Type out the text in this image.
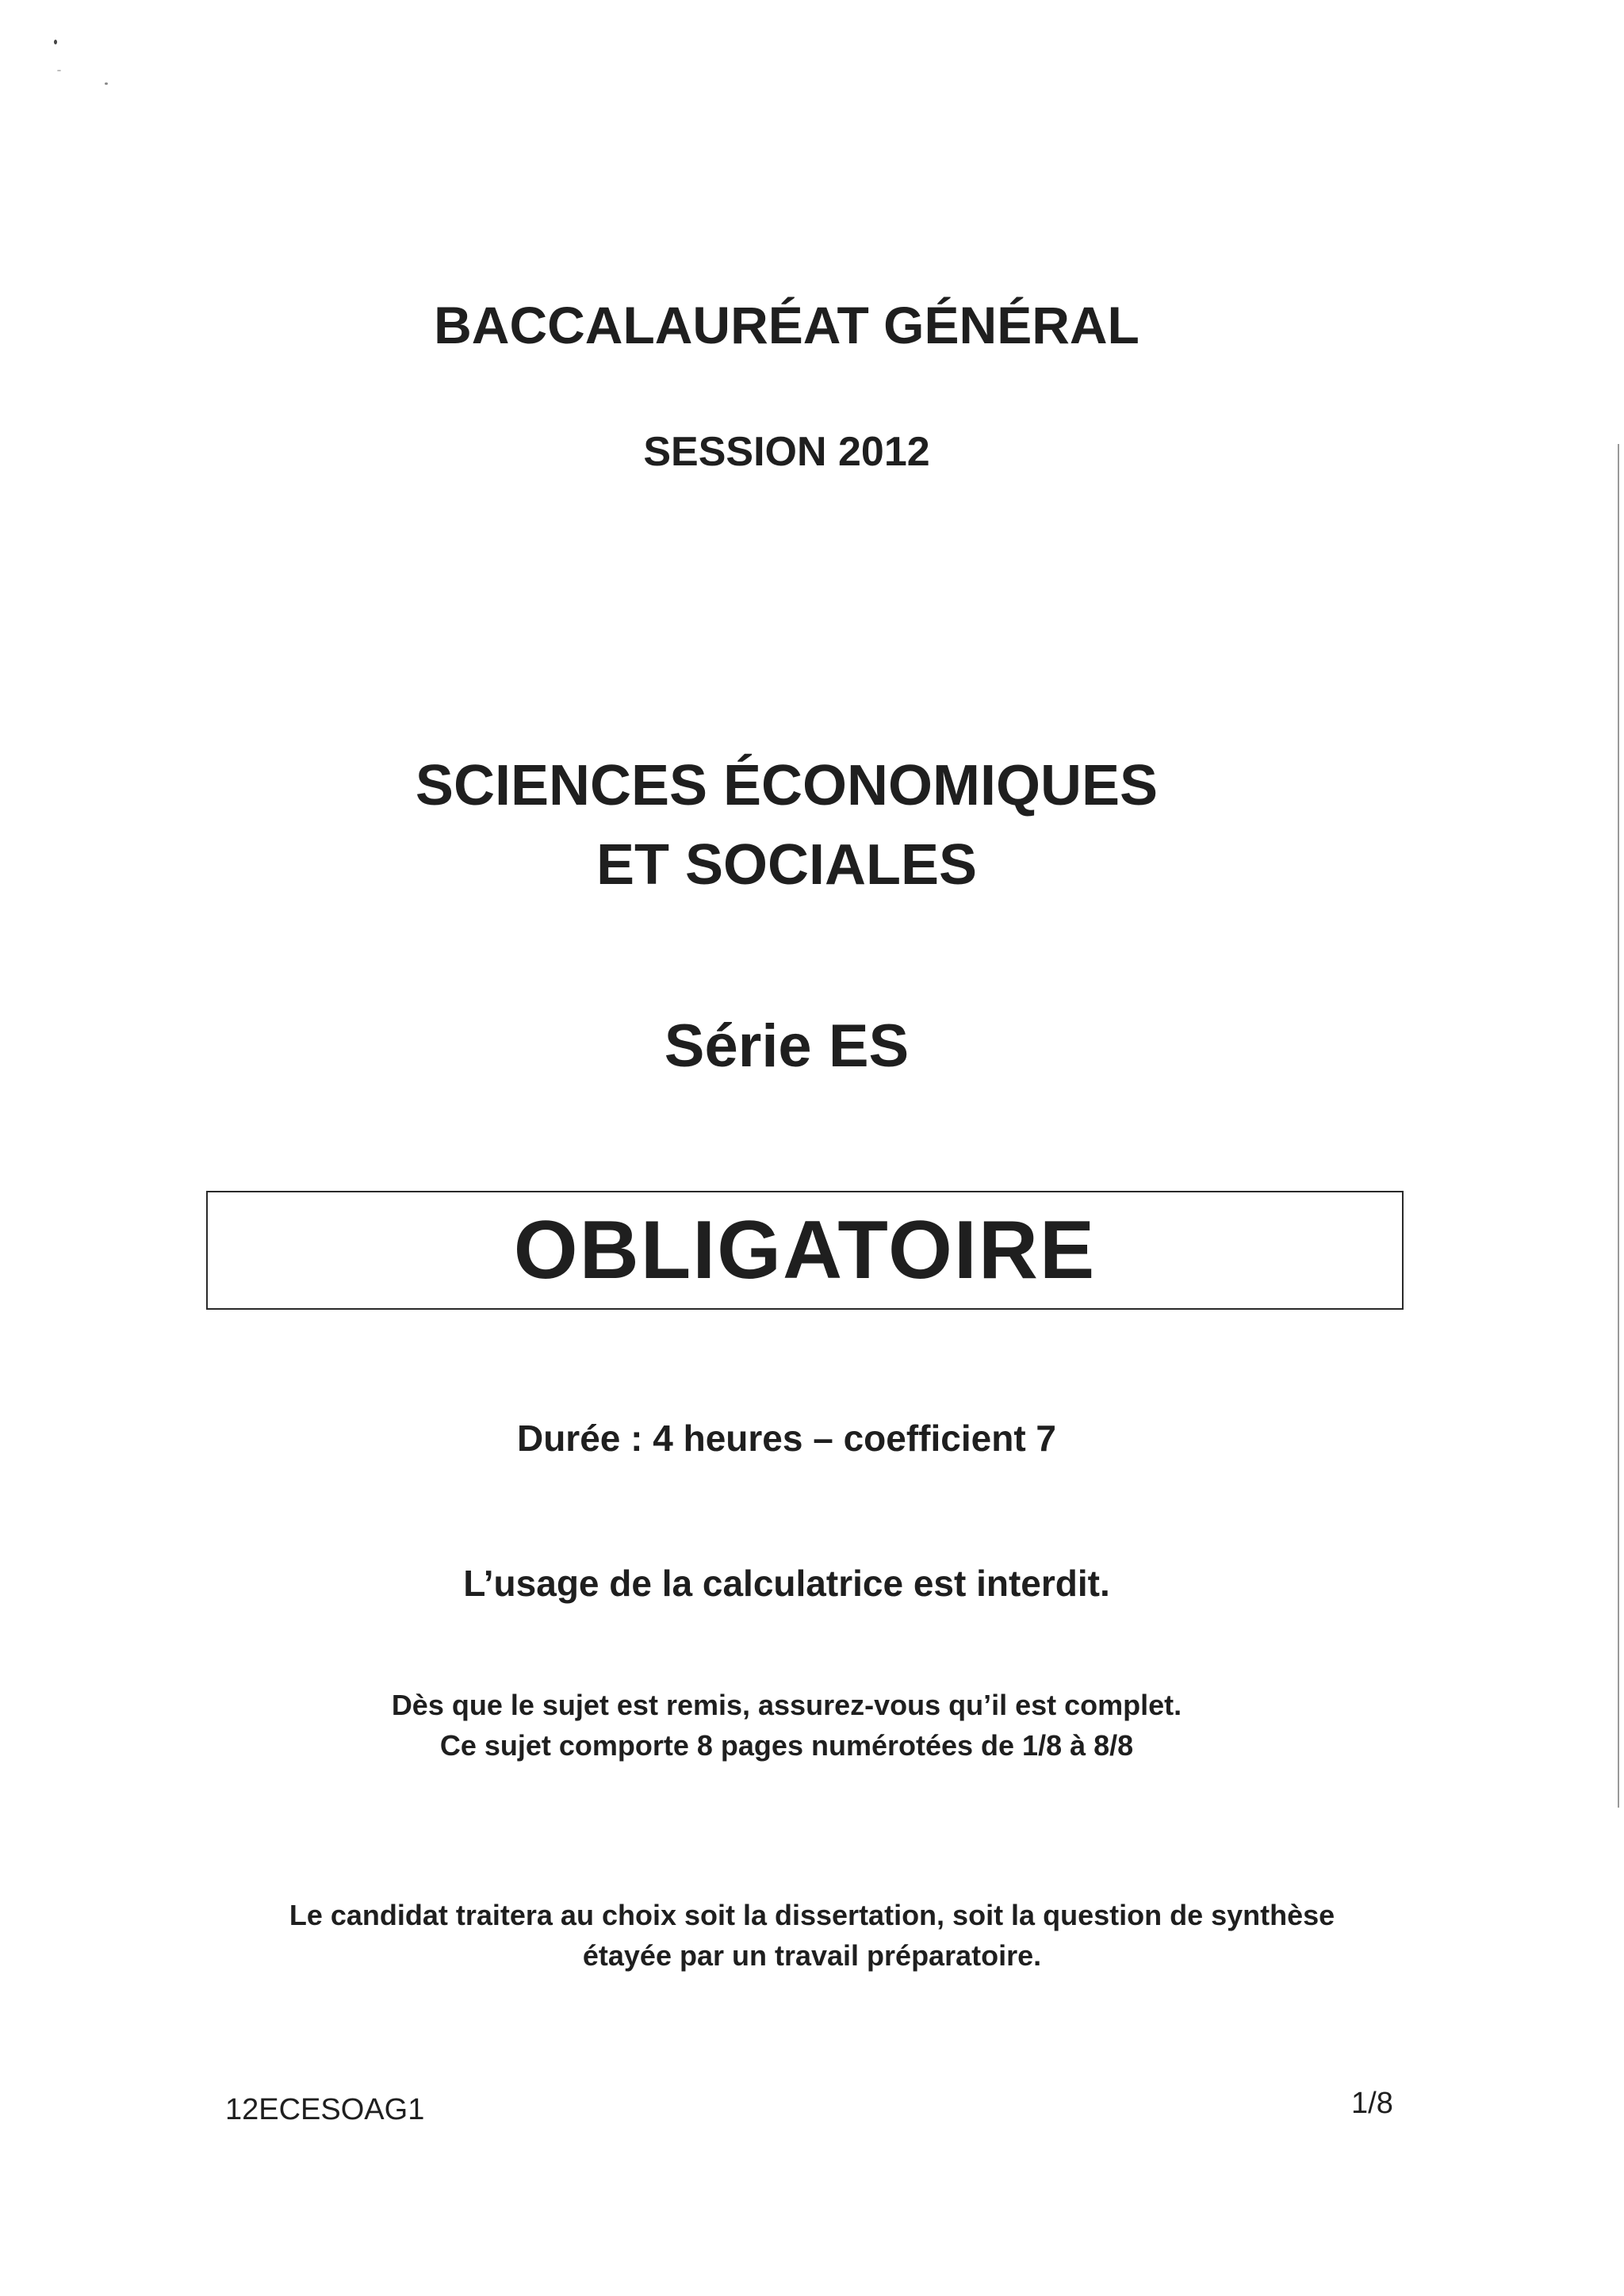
BACCALAURÉAT GÉNÉRAL
SESSION 2012
SCIENCES ÉCONOMIQUES
ET SOCIALES
Série ES
OBLIGATOIRE
Durée : 4 heures – coefficient 7
L’usage de la calculatrice est interdit.
Dès que le sujet est remis, assurez-vous qu’il est complet.
Ce sujet comporte 8 pages numérotées de 1/8 à 8/8
Le candidat traitera au choix soit la dissertation, soit la question de synthèse
étayée par un travail préparatoire.
12ECESOAG1	1/8
